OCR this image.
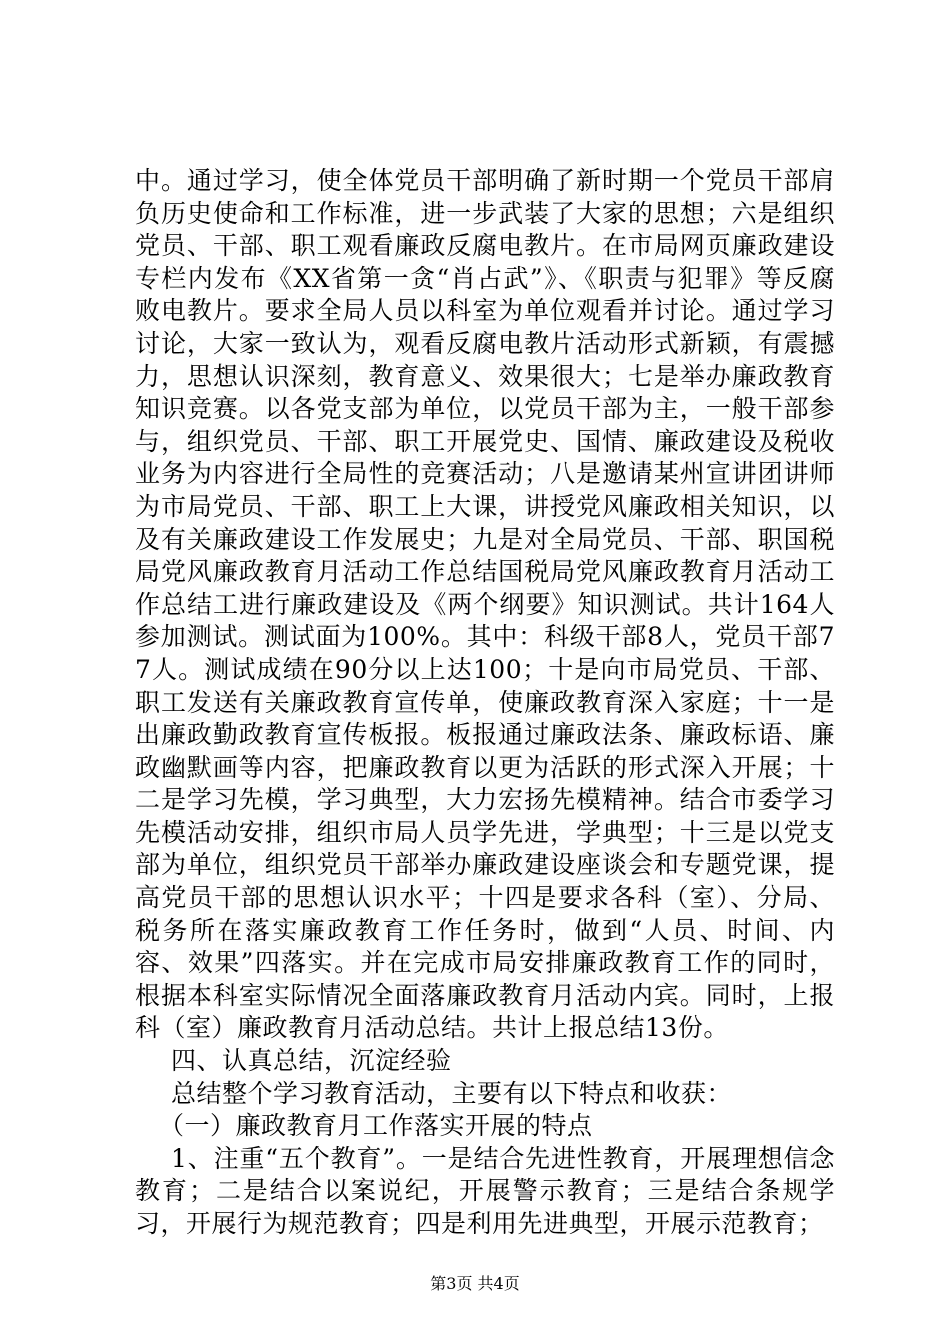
中。通过学习，使全体党员干部明确了新时期一个党员干部肩负历史使命和工作标准，进一步武装了大家的思想；六是组织党员、干部、职工观看廉政反腐电教片。在市局网页廉政建设专栏内发布《XX省第一贪“肖占武”》、《职责与犯罪》等反腐败电教片。要求全局人员以科室为单位观看并讨论。通过学习讨论，大家一致认为，观看反腐电教片活动形式新颖，有震撼力，思想认识深刻，教育意义、效果很大；七是举办廉政教育知识竞赛。以各党支部为单位，以党员干部为主，一般干部参与，组织党员、干部、职工开展党史、国情、廉政建设及税收业务为内容进行全局性的竞赛活动；八是邀请某州宣讲团讲师为市局党员、干部、职工上大课，讲授党风廉政相关知识，以及有关廉政建设工作发展史；九是对全局党员、干部、职国税局党风廉政教育月活动工作总结国税局党风廉政教育月活动工作总结工进行廉政建设及《两个纲要》知识测试。共计164人参加测试。测试面为100%。其中：科级干部8人，党员干部77人。测试成绩在90分以上达100；十是向市局党员、干部、职工发送有关廉政教育宣传单，使廉政教育深入家庭；十一是出廉政勤政教育宣传板报。板报通过廉政法条、廉政标语、廉政幽默画等内容，把廉政教育以更为活跃的形式深入开展；十二是学习先模，学习典型，大力宏扬先模精神。结合市委学习先模活动安排，组织市局人员学先进，学典型；十三是以党支部为单位，组织党员干部举办廉政建设座谈会和专题党课，提高党员干部的思想认识水平；十四是要求各科（室）、分局、税务所在落实廉政教育工作任务时，做到“人员、时间、内容、效果”四落实。并在完成市局安排廉政教育工作的同时，根据本科室实际情况全面落廉政教育月活动内宾。同时，上报科（室）廉政教育月活动总结。共计上报总结13份。

四、认真总结，沉淀经验

总结整个学习教育活动，主要有以下特点和收获：

（一）廉政教育月工作落实开展的特点

1、注重“五个教育”。一是结合先进性教育，开展理想信念教育；二是结合以案说纪，开展警示教育；三是结合条规学习，开展行为规范教育；四是利用先进典型，开展示范教育；

第3页 共4页
